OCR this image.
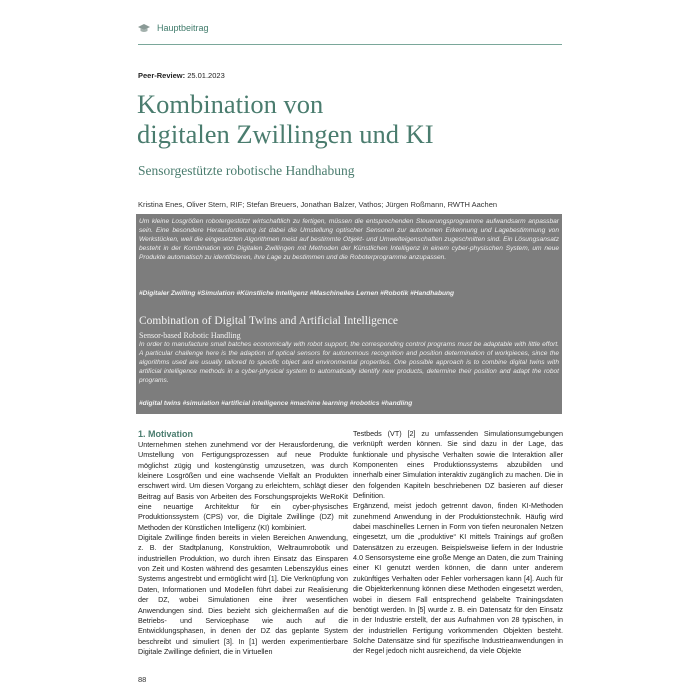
Hauptbeitrag
Peer-Review: 25.01.2023
Kombination von
digitalen Zwillingen und KI
Sensorgestützte robotische Handhabung
Kristina Enes, Oliver Stern, RIF; Stefan Breuers, Jonathan Balzer, Vathos; Jürgen Roßmann, RWTH Aachen
Um kleine Losgrößen robotergestützt wirtschaftlich zu fertigen, müssen die entsprechenden Steuerungsprogramme aufwandsarm anpassbar sein. Eine besondere Herausforderung ist dabei die Umstellung optischer Sensoren zur autonomen Erkennung und Lagebestimmung von Werkstücken, weil die eingesetzten Algorithmen meist auf bestimmte Objekt- und Umwelteigenschaften zugeschnitten sind. Ein Lösungsansatz besteht in der Kombination von Digitalen Zwillingen mit Methoden der Künstlichen Intelligenz in einem cyber-physischen System, um neue Produkte automatisch zu identifizieren, ihre Lage zu bestimmen und die Roboterprogramme anzupassen.
#Digitaler Zwilling #Simulation #Künstliche Intelligenz #Maschinelles Lernen #Robotik #Handhabung
Combination of Digital Twins and Artificial Intelligence
Sensor-based Robotic Handling
In order to manufacture small batches economically with robot support, the corresponding control programs must be adaptable with little effort. A particular challenge here is the adaption of optical sensors for autonomous recognition and position determination of workpieces, since the algorithms used are usually tailored to specific object and environmental properties. One possible approach is to combine digital twins with artificial intelligence methods in a cyber-physical system to automatically identify new products, determine their position and adapt the robot programs.
#digital twins #simulation #artificial intelligence #machine learning #robotics #handling
1. Motivation

Unternehmen stehen zunehmend vor der Herausforderung, die Umstellung von Fertigungsprozessen auf neue Produkte möglichst zügig und kostengünstig umzusetzen, was durch kleinere Losgrößen und eine wachsende Vielfalt an Produkten erschwert wird. Um diesen Vorgang zu erleichtern, schlägt dieser Beitrag auf Basis von Arbeiten des Forschungsprojekts WeRoKit eine neuartige Architektur für ein cyber-physisches Produktionssystem (CPS) vor, die Digitale Zwillinge (DZ) mit Methoden der Künstlichen Intelligenz (KI) kombiniert.

Digitale Zwillinge finden bereits in vielen Bereichen Anwendung, z. B. der Stadtplanung, Konstruktion, Weltraumrobotik und industriellen Produktion, wo durch ihren Einsatz das Einsparen von Zeit und Kosten während des gesamten Lebenszyklus eines Systems angestrebt und ermöglicht wird [1]. Die Verknüpfung von Daten, Informationen und Modellen führt dabei zur Realisierung der DZ, wobei Simulationen eine ihrer wesentlichen Anwendungen sind. Dies bezieht sich gleichermaßen auf die Betriebs- und Servicephase wie auch auf die Entwicklungsphasen, in denen der DZ das geplante System beschreibt und simuliert [3]. In [1] werden experimentierbare Digitale Zwillinge definiert, die in Virtuellen

Testbeds (VT) [2] zu umfassenden Simulationsumgebungen verknüpft werden können. Sie sind dazu in der Lage, das funktionale und physische Verhalten sowie die Interaktion aller Komponenten eines Produktionssystems abzubilden und innerhalb einer Simulation interaktiv zugänglich zu machen. Die in den folgenden Kapiteln beschriebenen DZ basieren auf dieser Definition.

Ergänzend, meist jedoch getrennt davon, finden KI-Methoden zunehmend Anwendung in der Produktionstechnik. Häufig wird dabei maschinelles Lernen in Form von tiefen neuronalen Netzen eingesetzt, um die „produktive“ KI mittels Trainings auf großen Datensätzen zu erzeugen. Beispielsweise liefern in der Industrie 4.0 Sensorsysteme eine große Menge an Daten, die zum Training einer KI genutzt werden können, die dann unter anderem zukünftiges Verhalten oder Fehler vorhersagen kann [4]. Auch für die Objekterkennung können diese Methoden eingesetzt werden, wobei in diesem Fall entsprechend gelabelte Trainingsdaten benötigt werden. In [5] wurde z. B. ein Datensatz für den Einsatz in der Industrie erstellt, der aus Aufnahmen von 28 typischen, in der industriellen Fertigung vorkommenden Objekten besteht. Solche Datensätze sind für spezifische Industrieanwendungen in der Regel jedoch nicht ausreichend, da viele Objekte

88
